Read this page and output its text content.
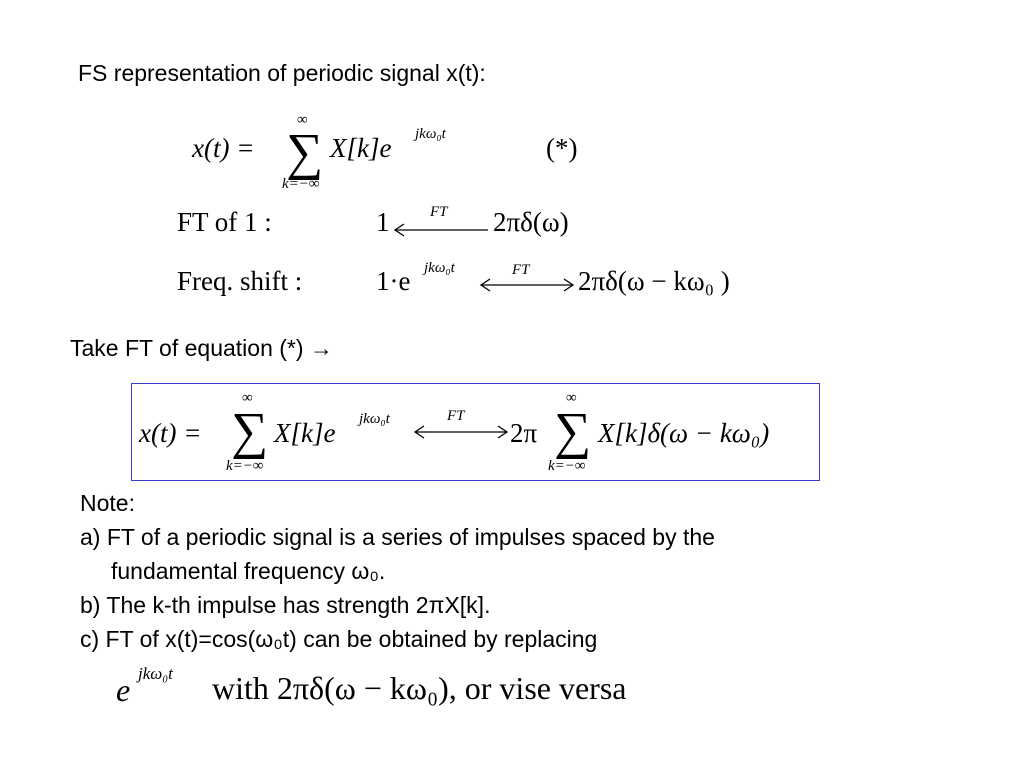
FS representation of periodic signal x(t):
x(t) =
∞
∑
k=−∞
X[k]e jkω₀t	(*)
FT of 1 :	1	FT 2πδ(ω)
Freq. shift :	1·e jkω₀t	FT 2πδ(ω − kω₀ )
Take FT of equation (*) →
x(t) =
∞
∑
k=−∞
X[k]e jkω₀t	FT
2π
∞
∑
k=−∞
X[k]δ(ω − kω₀)
Note:
a) FT of a periodic signal is a series of impulses spaced by the
fundamental frequency ω₀.
b) The k-th impulse has strength 2πX[k].
c) FT of x(t)=cos(ω₀t) can be obtained by replacing
e jkω₀t with 2πδ(ω − kω₀), or vise versa
